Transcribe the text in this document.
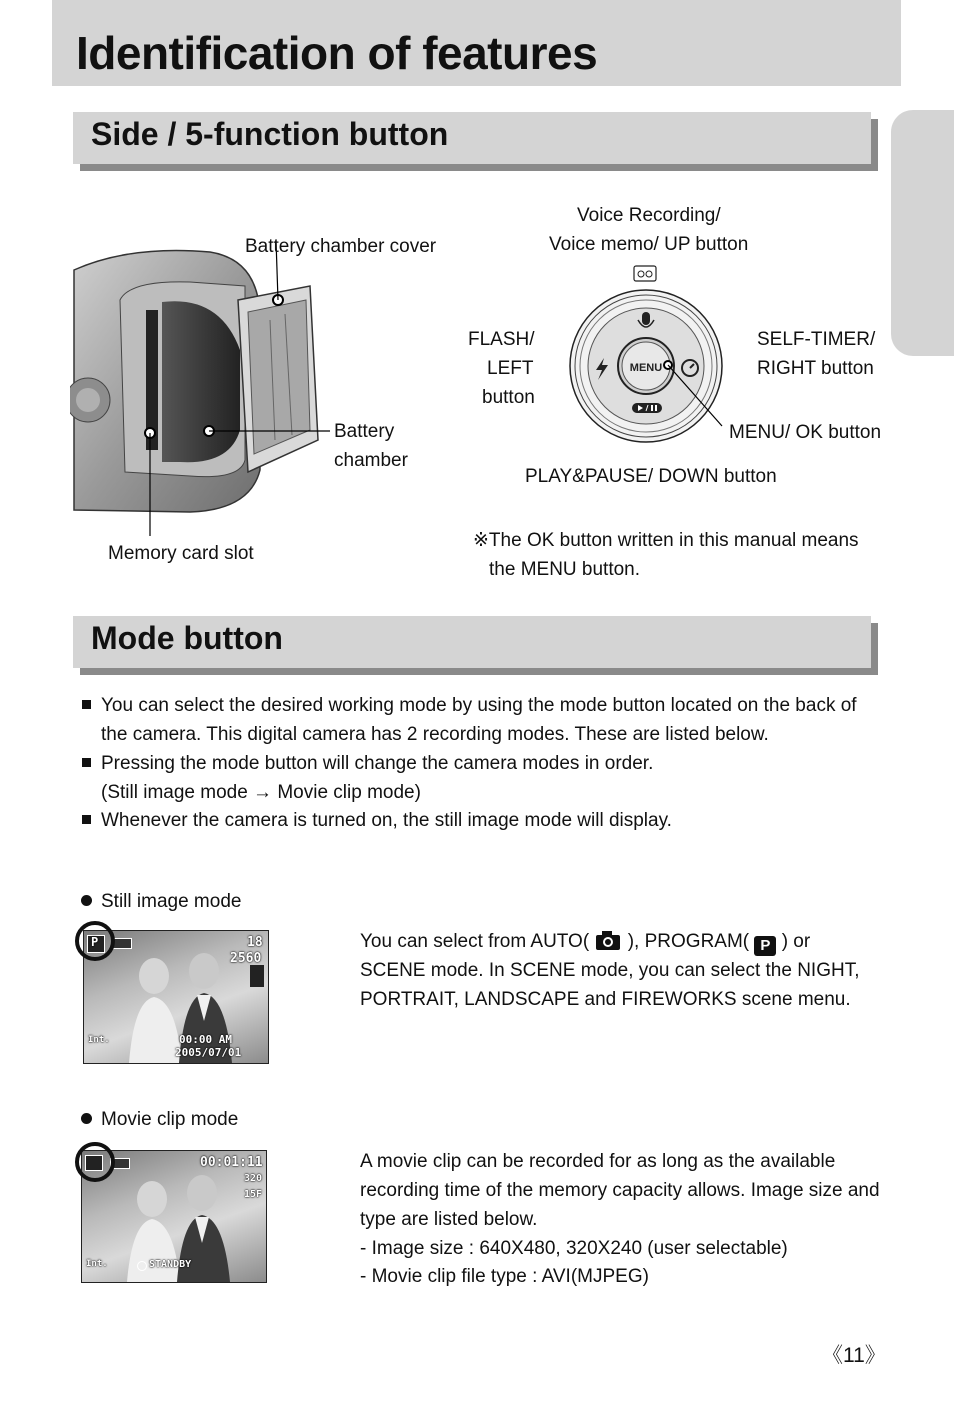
Identification of features
Side / 5-function button
Battery chamber cover
Battery
chamber
Memory card slot
MENU
Voice Recording/
Voice memo/ UP button
FLASH/
LEFT
button
SELF-TIMER/
RIGHT button
MENU/ OK button
PLAY&PAUSE/ DOWN button
※The OK button written in this manual means
the MENU button.
Mode button
You can select the desired working mode by using the mode button located on the back of
the camera. This digital camera has 2 recording modes. These are listed below.
Pressing the mode button will change the camera modes in order.
(Still image mode → Movie clip mode)
Whenever the camera is turned on, the still image mode will display.
Still image mode
P	18
2560
Int.	00:00 AM
2005/07/01
You can select from AUTO( ), PROGRAM( P ) or
SCENE mode. In SCENE mode, you can select the NIGHT,
PORTRAIT, LANDSCAPE and FIREWORKS scene menu.
Movie clip mode
00:01:11
320
15F
Int.	STANDBY
A movie clip can be recorded for as long as the available
recording time of the memory capacity allows. Image size and
type are listed below.
- Image size : 640X480, 320X240 (user selectable)
- Movie clip file type : AVI(MJPEG)
《11》
